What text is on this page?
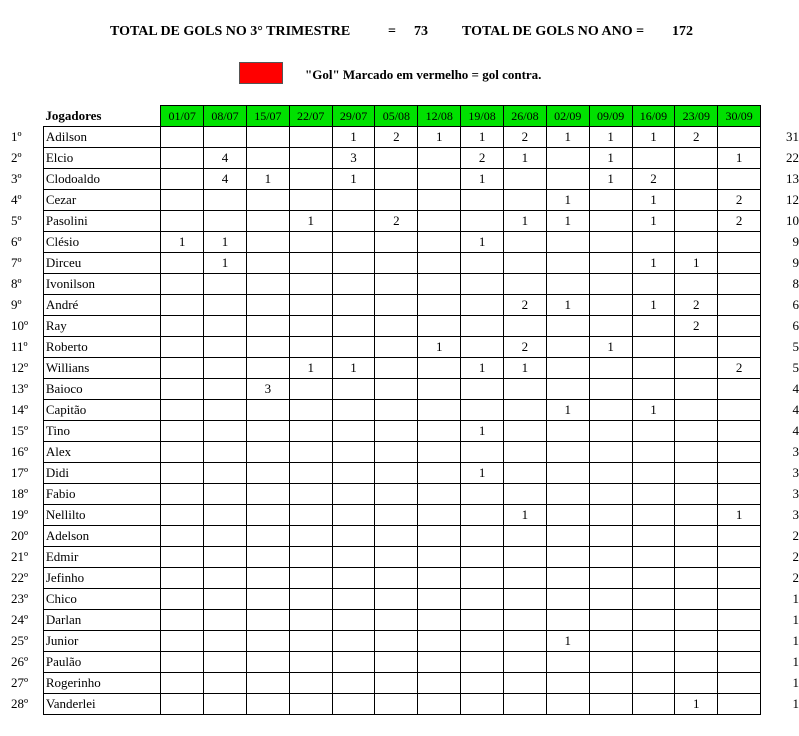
TOTAL DE GOLS NO 3° TRIMESTRE	= 73 TOTAL DE GOLS NO ANO = 172
"Gol" Marcado em vermelho = gol contra.
	Jogadores	01/07	08/07	15/07	22/07	29/07	05/08	12/08	19/08	26/08	02/09	09/09	16/09	23/09	30/09	
1º	Adilson					1	2	1	1	2	1	1	1	2		31
2º	Elcio		4			3			2	1		1			1	22
3º	Clodoaldo		4	1		1			1			1	2			13
4º	Cezar										1		1		2	12
5º	Pasolini				1		2			1	1		1		2	10
6º	Clésio	1	1						1							9
7º	Dirceu		1										1	1		9
8º	Ivonilson															8
9º	André									2	1		1	2		6
10º	Ray													2		6
11º	Roberto							1		2		1				5
12º	Willians				1	1			1	1					2	5
13º	Baioco			3												4
14º	Capitão										1		1			4
15º	Tino								1							4
16º	Alex															3
17º	Didi								1							3
18º	Fabio															3
19º	Nellilto									1					1	3
20º	Adelson															2
21º	Edmir															2
22º	Jefinho															2
23º	Chico															1
24º	Darlan															1
25º	Junior										1					1
26º	Paulão															1
27º	Rogerinho															1
28º	Vanderlei													1		1
